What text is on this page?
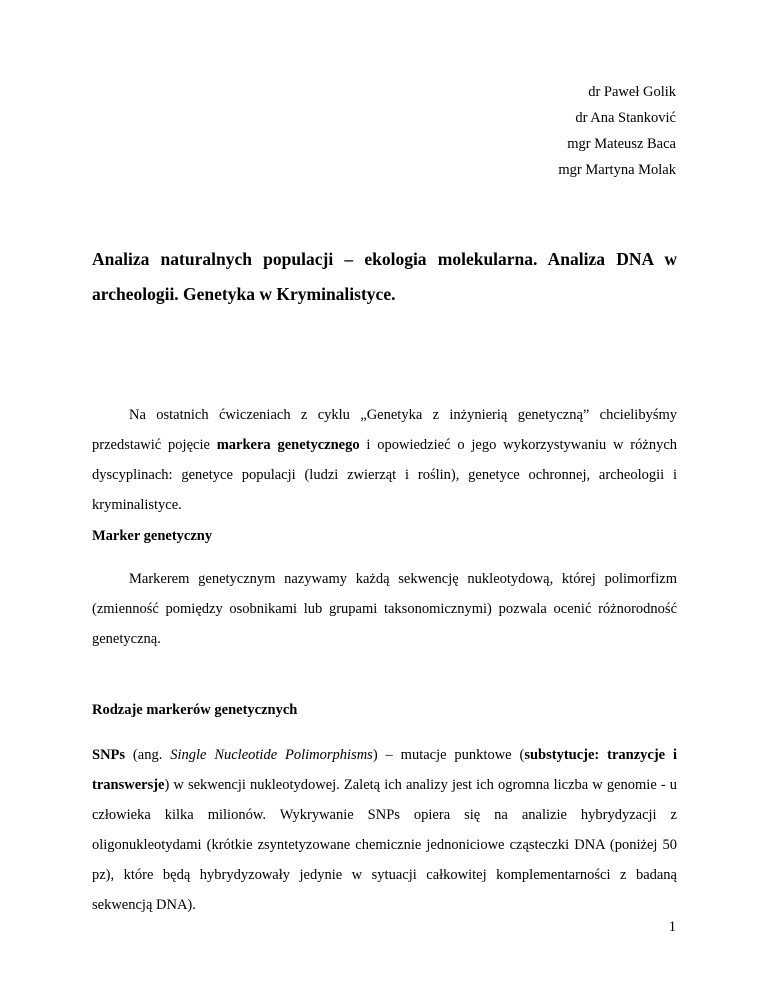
dr Paweł Golik
dr Ana Stanković
mgr Mateusz Baca
mgr Martyna Molak
Analiza naturalnych populacji – ekologia molekularna. Analiza DNA w archeologii. Genetyka w Kryminalistyce.
Na ostatnich ćwiczeniach z cyklu „Genetyka z inżynierią genetyczną” chcielibyśmy przedstawić pojęcie markera genetycznego i opowiedzieć o jego wykorzystywaniu w różnych dyscyplinach: genetyce populacji (ludzi zwierząt i roślin), genetyce ochronnej, archeologii i kryminalistyce.
Marker genetyczny
Markerem genetycznym nazywamy każdą sekwencję nukleotydową, której polimorfizm (zmienność pomiędzy osobnikami lub grupami taksonomicznymi) pozwala ocenić różnorodność genetyczną.
Rodzaje markerów genetycznych
SNPs (ang. Single Nucleotide Polimorphisms) – mutacje punktowe (substytucje: tranzycje i transwersje) w sekwencji nukleotydowej. Zaletą ich analizy jest ich ogromna liczba w genomie - u człowieka kilka milionów. Wykrywanie SNPs opiera się na analizie hybrydyzacji z oligonukleotydami (krótkie zsyntetyzowane chemicznie jednoniciowe cząsteczki DNA (poniżej 50 pz), które będą hybrydyzowały jedynie w sytuacji całkowitej komplementarności z badaną sekwencją DNA).
1
